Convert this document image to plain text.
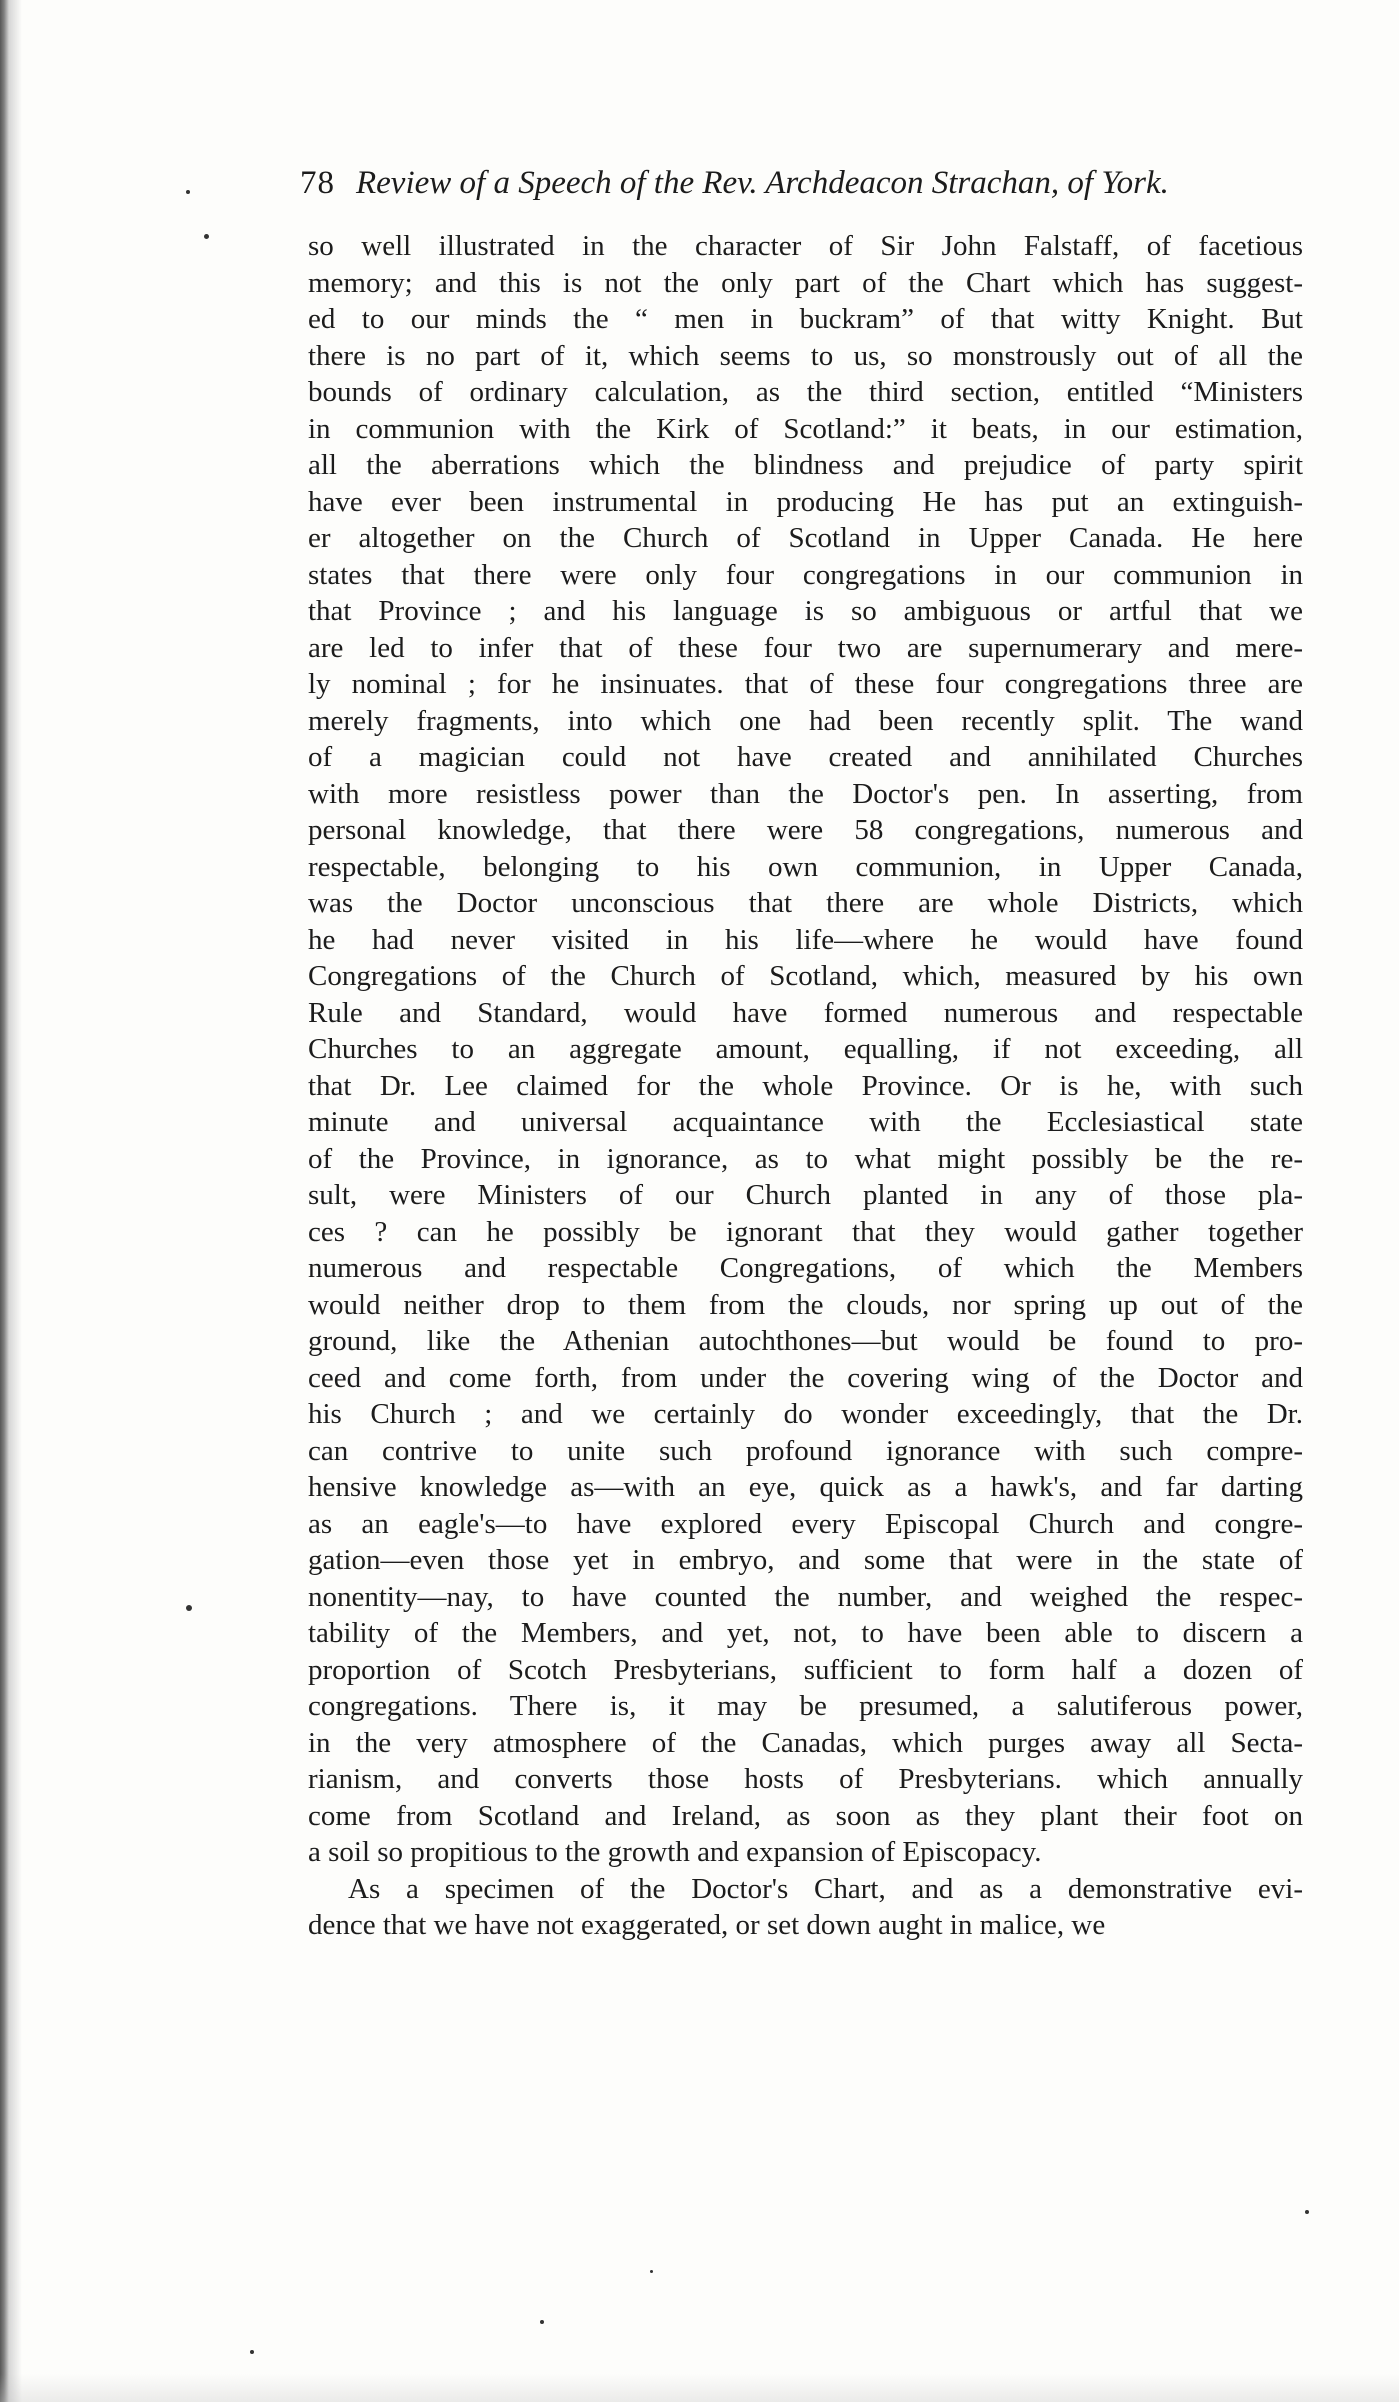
78 Review of a Speech of the Rev. Archdeacon Strachan, of York.
so well illustrated in the character of Sir John Falstaff, of facetious
memory; and this is not the only part of the Chart which has suggest-
ed to our minds the “ men in buckram” of that witty Knight. But
there is no part of it, which seems to us, so monstrously out of all the
bounds of ordinary calculation, as the third section, entitled “Ministers
in communion with the Kirk of Scotland:” it beats, in our estimation,
all the aberrations which the blindness and prejudice of party spirit
have ever been instrumental in producing He has put an extinguish-
er altogether on the Church of Scotland in Upper Canada. He here
states that there were only four congregations in our communion in
that Province ; and his language is so ambiguous or artful that we
are led to infer that of these four two are supernumerary and mere-
ly nominal ; for he insinuates. that of these four congregations three are
merely fragments, into which one had been recently split. The wand
of a magician could not have created and annihilated Churches
with more resistless power than the Doctor's pen. In asserting, from
personal knowledge, that there were 58 congregations, numerous and
respectable, belonging to his own communion, in Upper Canada,
was the Doctor unconscious that there are whole Districts, which
he had never visited in his life—where he would have found
Congregations of the Church of Scotland, which, measured by his own
Rule and Standard, would have formed numerous and respectable
Churches to an aggregate amount, equalling, if not exceeding, all
that Dr. Lee claimed for the whole Province. Or is he, with such
minute and universal acquaintance with the Ecclesiastical state
of the Province, in ignorance, as to what might possibly be the re-
sult, were Ministers of our Church planted in any of those pla-
ces ? can he possibly be ignorant that they would gather together
numerous and respectable Congregations, of which the Members
would neither drop to them from the clouds, nor spring up out of the
ground, like the Athenian autochthones—but would be found to pro-
ceed and come forth, from under the covering wing of the Doctor and
his Church ; and we certainly do wonder exceedingly, that the Dr.
can contrive to unite such profound ignorance with such compre-
hensive knowledge as—with an eye, quick as a hawk's, and far darting
as an eagle's—to have explored every Episcopal Church and congre-
gation—even those yet in embryo, and some that were in the state of
nonentity—nay, to have counted the number, and weighed the respec-
tability of the Members, and yet, not, to have been able to discern a
proportion of Scotch Presbyterians, sufficient to form half a dozen of
congregations. There is, it may be presumed, a salutiferous power,
in the very atmosphere of the Canadas, which purges away all Secta-
rianism, and converts those hosts of Presbyterians. which annually
come from Scotland and Ireland, as soon as they plant their foot on
a soil so propitious to the growth and expansion of Episcopacy.
As a specimen of the Doctor's Chart, and as a demonstrative evi-
dence that we have not exaggerated, or set down aught in malice, we
